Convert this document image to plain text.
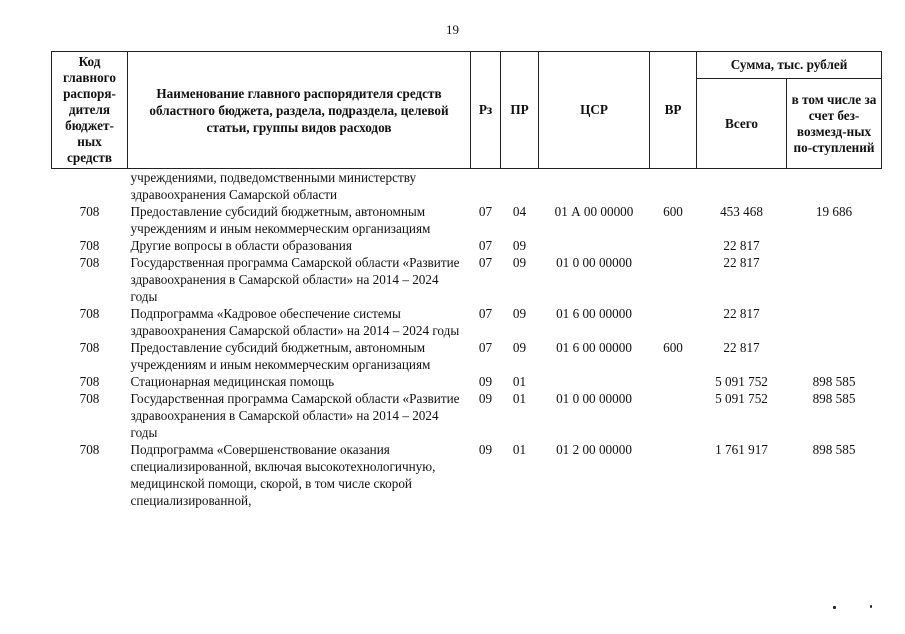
19
Код главного распоря-дителя бюджет-ных средств	Наименование главного распорядителя средств областного бюджета, раздела, подраздела, целевой статьи, группы видов расходов	Рз	ПР	ЦСР	ВР	Сумма, тыс. рублей	
						Всего	в том числе за счет без-возмезд-ных по-ступлений
	учреждениями, подведомственными министерству здравоохранения Самарской области						
708	Предоставление субсидий бюджетным, автономным учреждениям и иным некоммерческим организациям	07	04	01 А 00 00000	600	453 468	19 686
708	Другие вопросы в области образования	07	09			22 817	
708	Государственная программа Самарской области «Развитие здравоохранения в Самарской области» на 2014 – 2024 годы	07	09	01 0 00 00000		22 817	
708	Подпрограмма «Кадровое обеспечение системы здравоохранения Самарской области» на 2014 – 2024 годы	07	09	01 6 00 00000		22 817	
708	Предоставление субсидий бюджетным, автономным учреждениям и иным некоммерческим организациям	07	09	01 6 00 00000	600	22 817	
708	Стационарная медицинская помощь	09	01			5 091 752	898 585
708	Государственная программа Самарской области «Развитие здравоохранения в Самарской области» на 2014 – 2024 годы	09	01	01 0 00 00000		5 091 752	898 585
708	Подпрограмма «Совершенствование оказания специализированной, включая высокотехнологичную, медицинской помощи, скорой, в том числе скорой специализированной,	09	01	01 2 00 00000		1 761 917	898 585
